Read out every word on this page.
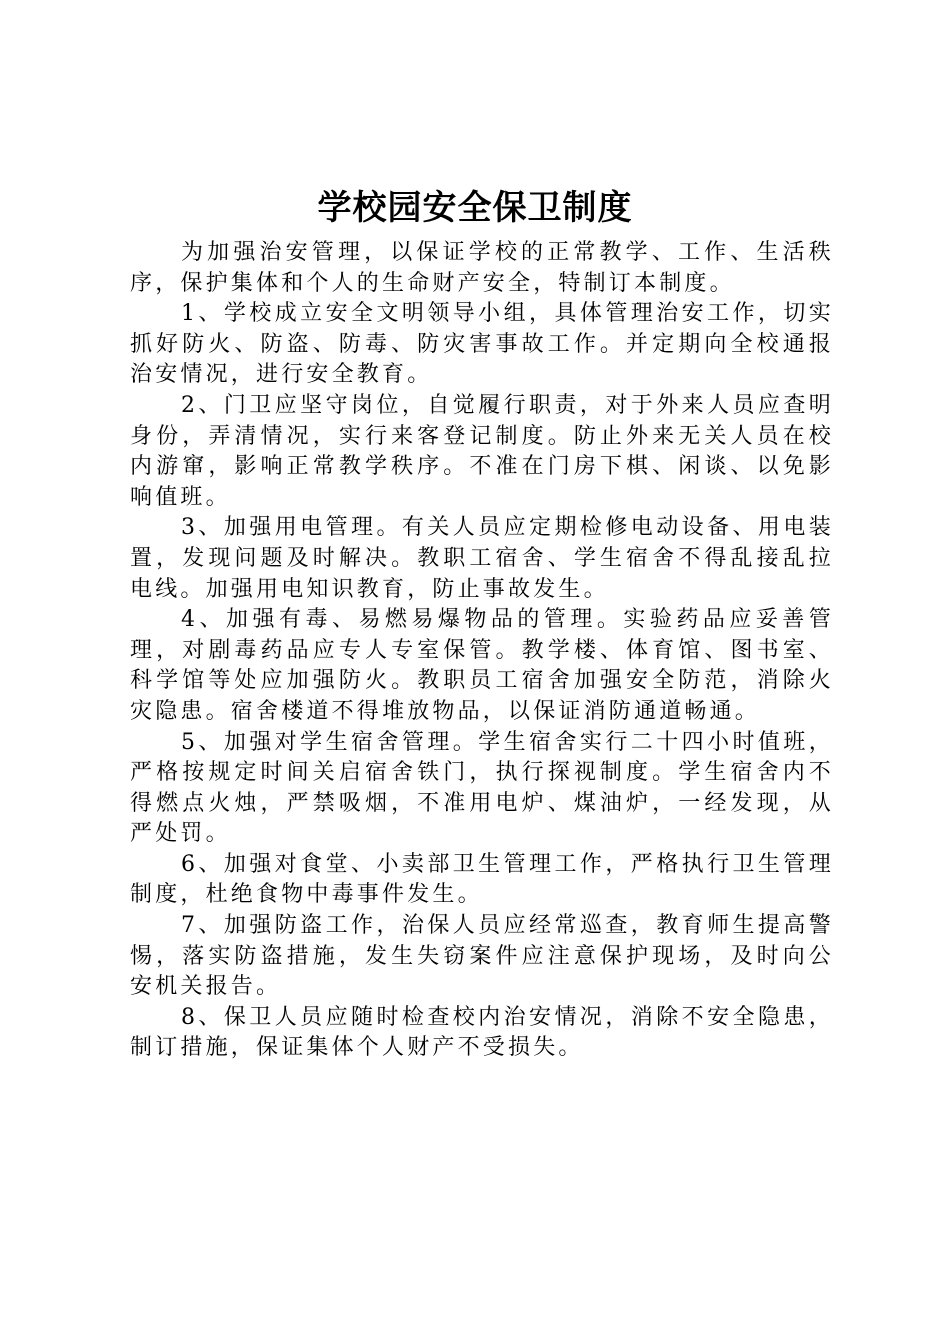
学校园安全保卫制度

为加强治安管理，以保证学校的正常教学、工作、生活秩序，保护集体和个人的生命财产安全，特制订本制度。

1、学校成立安全文明领导小组，具体管理治安工作，切实抓好防火、防盗、防毒、防灾害事故工作。并定期向全校通报治安情况，进行安全教育。

2、门卫应坚守岗位，自觉履行职责，对于外来人员应查明身份，弄清情况，实行来客登记制度。防止外来无关人员在校内游窜，影响正常教学秩序。不准在门房下棋、闲谈、以免影响值班。

3、加强用电管理。有关人员应定期检修电动设备、用电装置，发现问题及时解决。教职工宿舍、学生宿舍不得乱接乱拉电线。加强用电知识教育，防止事故发生。

4、加强有毒、易燃易爆物品的管理。实验药品应妥善管理，对剧毒药品应专人专室保管。教学楼、体育馆、图书室、科学馆等处应加强防火。教职员工宿舍加强安全防范，消除火灾隐患。宿舍楼道不得堆放物品，以保证消防通道畅通。

5、加强对学生宿舍管理。学生宿舍实行二十四小时值班，严格按规定时间关启宿舍铁门，执行探视制度。学生宿舍内不得燃点火烛，严禁吸烟，不准用电炉、煤油炉，一经发现，从严处罚。

6、加强对食堂、小卖部卫生管理工作，严格执行卫生管理制度，杜绝食物中毒事件发生。

7、加强防盗工作，治保人员应经常巡查，教育师生提高警惕，落实防盗措施，发生失窃案件应注意保护现场，及时向公安机关报告。

8、保卫人员应随时检查校内治安情况，消除不安全隐患，制订措施，保证集体个人财产不受损失。
